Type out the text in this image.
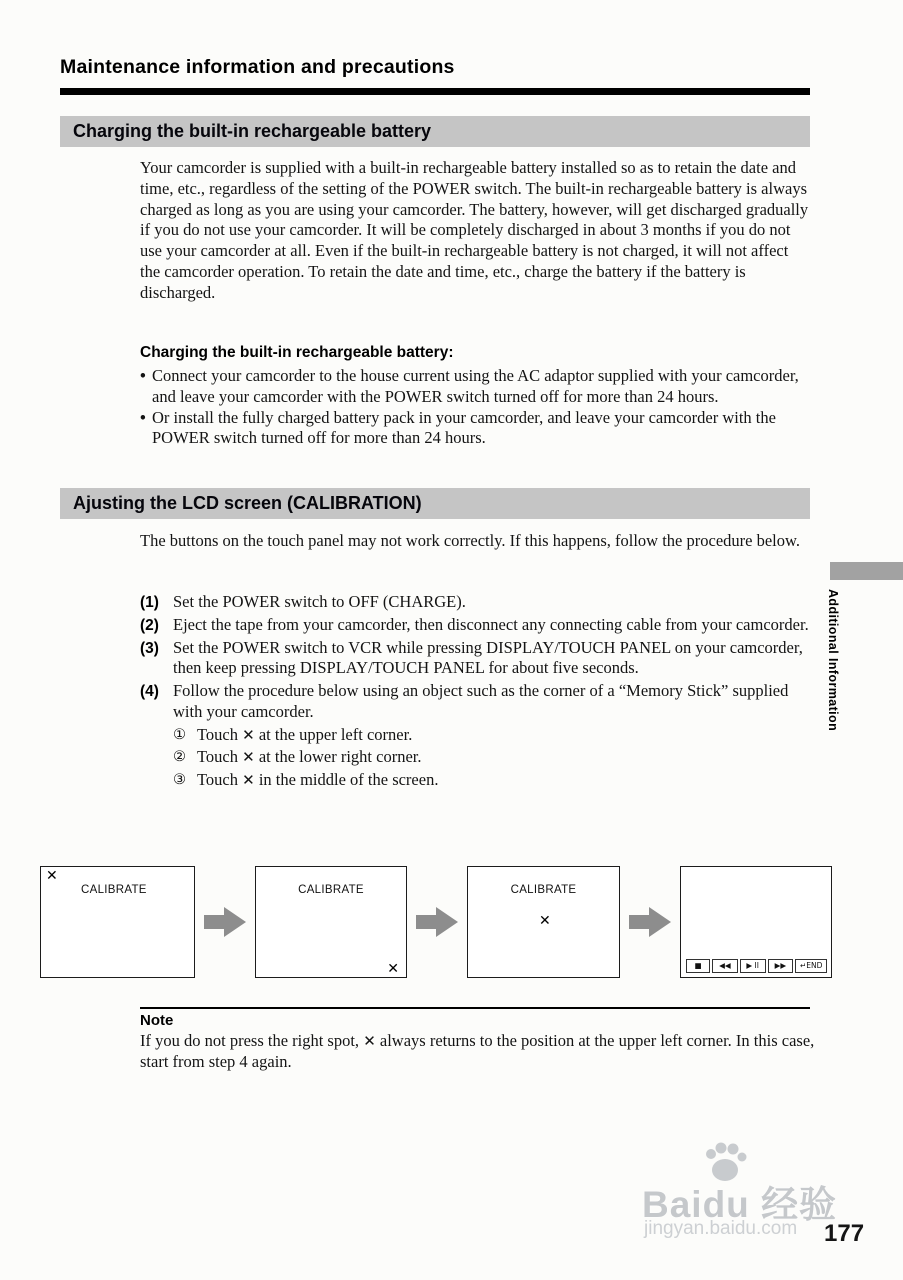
Maintenance information and precautions
Charging the built-in rechargeable battery
Your camcorder is supplied with a built-in rechargeable battery installed so as to retain the date and time, etc., regardless of the setting of the POWER switch. The built-in rechargeable battery is always charged as long as you are using your camcorder. The battery, however, will get discharged gradually if you do not use your camcorder. It will be completely discharged in about 3 months if you do not use your camcorder at all. Even if the built-in rechargeable battery is not charged, it will not affect the camcorder operation. To retain the date and time, etc., charge the battery if the battery is discharged.
Charging the built-in rechargeable battery:
• Connect your camcorder to the house current using the AC adaptor supplied with your camcorder, and leave your camcorder with the POWER switch turned off for more than 24 hours.
• Or install the fully charged battery pack in your camcorder, and leave your camcorder with the POWER switch turned off for more than 24 hours.
Ajusting the LCD screen (CALIBRATION)
The buttons on the touch panel may not work correctly. If this happens, follow the procedure below.
(1) Set the POWER switch to OFF (CHARGE).
(2) Eject the tape from your camcorder, then disconnect any connecting cable from your camcorder.
(3) Set the POWER switch to VCR while pressing DISPLAY/TOUCH PANEL on your camcorder, then keep pressing DISPLAY/TOUCH PANEL for about five seconds.
(4) Follow the procedure below using an object such as the corner of a “Memory Stick” supplied with your camcorder.
① Touch ✕ at the upper left corner.
② Touch ✕ at the lower right corner.
③ Touch ✕ in the middle of the screen.
✕
CALIBRATE	CALIBRATE
✕
CALIBRATE
✕
■	◀◀	▶ II	▶▶	↵END
Note
If you do not press the right spot, ✕ always returns to the position at the upper left corner. In this case, start from step 4 again.
Additional Information
Baidu 经验
jingyan.baidu.com 177
